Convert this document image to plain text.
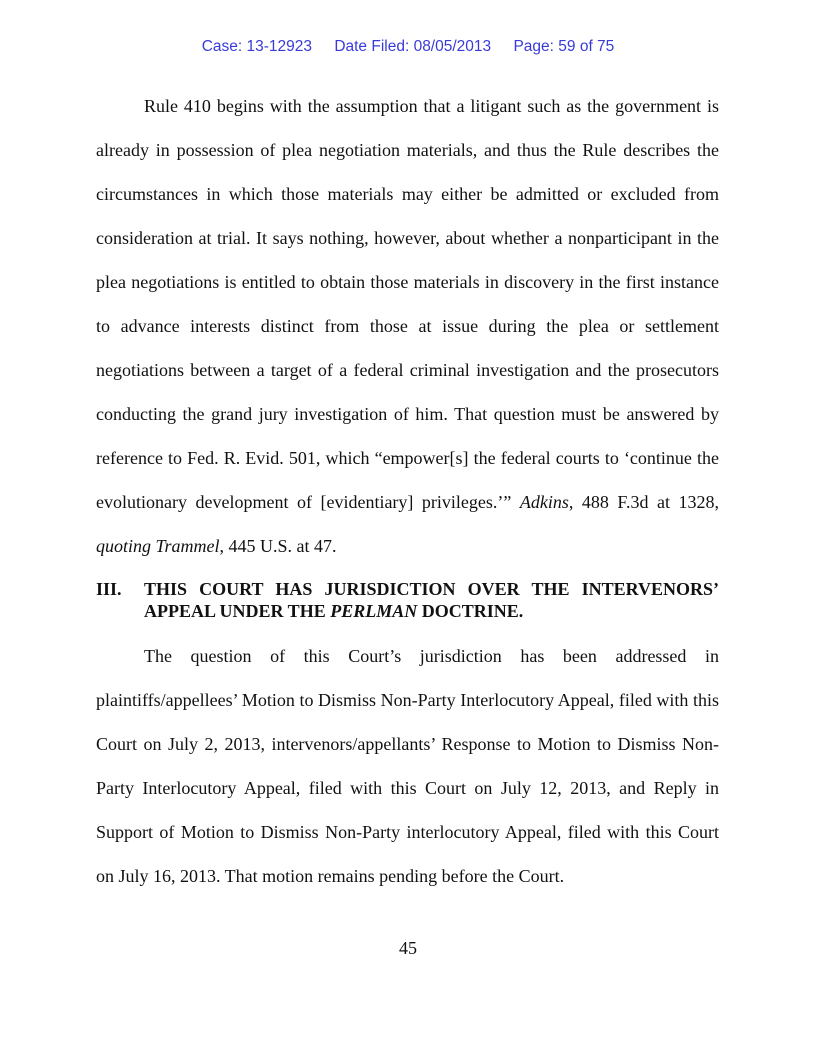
Case: 13-12923 Date Filed: 08/05/2013 Page: 59 of 75

Rule 410 begins with the assumption that a litigant such as the government is already in possession of plea negotiation materials, and thus the Rule describes the circumstances in which those materials may either be admitted or excluded from consideration at trial. It says nothing, however, about whether a nonparticipant in the plea negotiations is entitled to obtain those materials in discovery in the first instance to advance interests distinct from those at issue during the plea or settlement negotiations between a target of a federal criminal investigation and the prosecutors conducting the grand jury investigation of him. That question must be answered by reference to Fed. R. Evid. 501, which “empower[s] the federal courts to ‘continue the evolutionary development of [evidentiary] privileges.’” Adkins, 488 F.3d at 1328, quoting Trammel, 445 U.S. at 47.

III. THIS COURT HAS JURISDICTION OVER THE INTERVENORS’
APPEAL UNDER THE PERLMAN DOCTRINE.

The question of this Court’s jurisdiction has been addressed in plaintiffs/appellees’ Motion to Dismiss Non-Party Interlocutory Appeal, filed with this Court on July 2, 2013, intervenors/appellants’ Response to Motion to Dismiss Non-Party Interlocutory Appeal, filed with this Court on July 12, 2013, and Reply in Support of Motion to Dismiss Non-Party interlocutory Appeal, filed with this Court on July 16, 2013. That motion remains pending before the Court.

45
